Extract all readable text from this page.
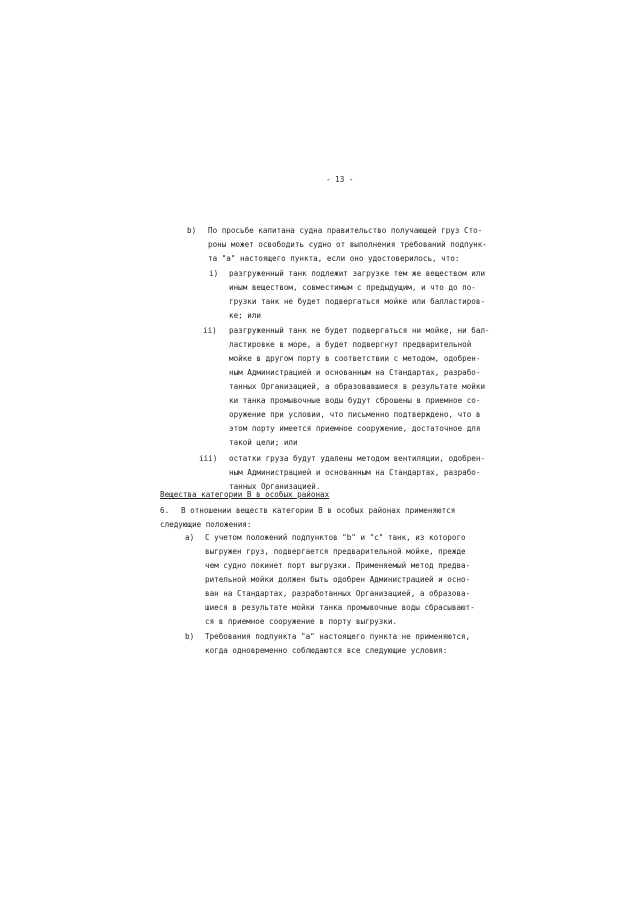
- 13 -
b) По просьбе капитана судна правительство получающей груз Сто-
роны может освободить судно от выполнения требований подпунк-
та "а" настоящего пункта, если оно удостоверилось, что:
i) разгруженный танк подлежит загрузке тем же веществом или
иным веществом, совместимым с предыдущим, и что до по-
грузки танк не будет подвергаться мойке или балластиров-
ке; или
ii) разгруженный танк не будет подвергаться ни мойке, ни бал-
ластировке в море, а будет подвергнут предварительной
мойке в другом порту в соответствии с методом, одобрен-
ным Администрацией и основанным на Стандартах, разрабо-
танных Организацией, а образовавшиеся в результате мойки
ки танка промывочные воды будут сброшены в приемное со-
оружение при условии, что письменно подтверждено, что в
этом порту имеется приемное сооружение, достаточное для
такой цели; или
iii) остатки груза будут удалены методом вентиляции, одобрен-
ным Администрацией и основанным на Стандартах, разрабо-
танных Организацией.
Вещества категории B в особых районах
6. В отношении веществ категории B в особых районах применяются
следующие положения:
a) С учетом положений подпунктов "b" и "c" танк, из которого
выгружен груз, подвергается предварительной мойке, прежде
чем судно покинет порт выгрузки. Применяемый метод предва-
рительной мойки должен быть одобрен Администрацией и осно-
ван на Стандартах, разработанных Организацией, а образова-
шиеся в результате мойки танка промывочные воды сбрасывают-
ся в приемное сооружение в порту выгрузки.
b) Требования подпункта "a" настоящего пункта не применяются,
когда одновременно соблюдаются все следующие условия:
